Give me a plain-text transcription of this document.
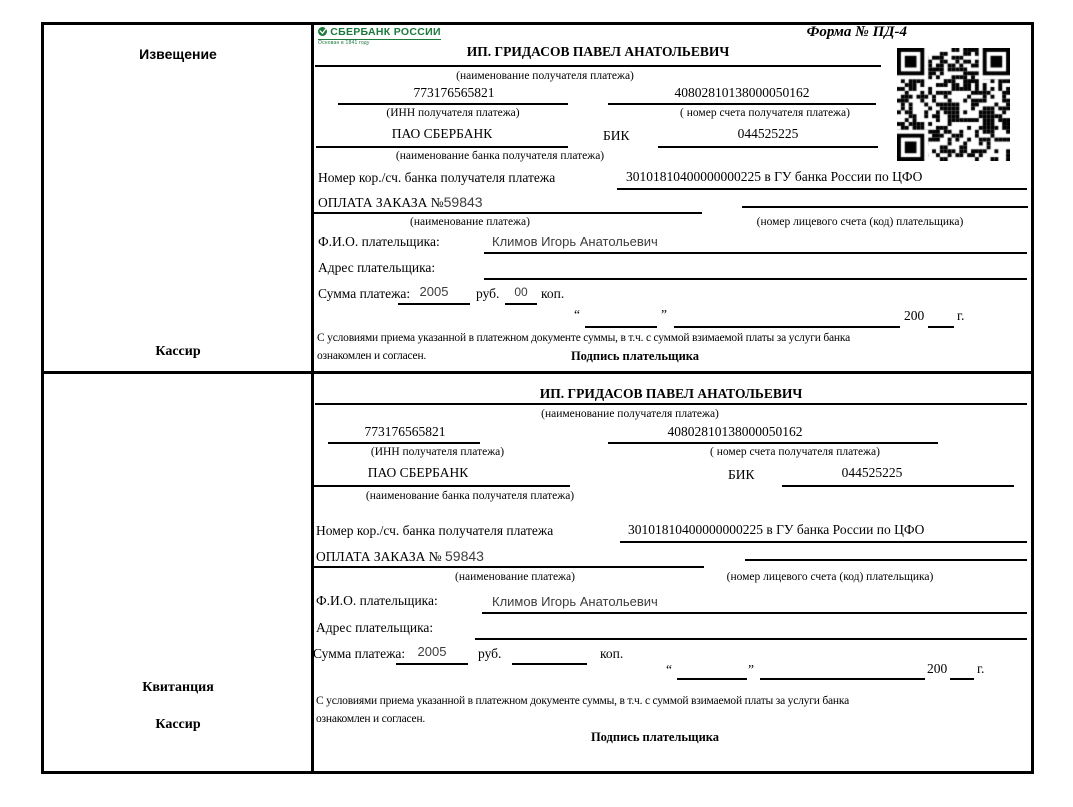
Извещение
Кассир
Квитанция
Кассир
СБЕРБАНК РОССИИ
Основан в 1841 году
Форма № ПД-4
ИП. ГРИДАСОВ ПАВЕЛ АНАТОЛЬЕВИЧ
(наименование получателя платежа)
773176565821	40802810138000050162
(ИНН получателя платежа)	( номер счета получателя платежа)
ПАО СБЕРБАНК	БИК	044525225
(наименование банка получателя платежа)
Номер кор./сч. банка получателя платежа	30101810400000000225 в ГУ банка России по ЦФО
ОПЛАТА ЗАКАЗА №59843
(наименование платежа)	(номер лицевого счета (код) плательщика)
Ф.И.О. плательщика:	Климов Игорь Анатольевич
Адрес плательщика:
Сумма платежа: 2005	руб.	00 коп.
“	”	200 г.
С условиями приема указанной в платежном документе суммы, в т.ч. с суммой взимаемой платы за услуги банка
ознакомлен и согласен.	Подпись плательщика
ИП. ГРИДАСОВ ПАВЕЛ АНАТОЛЬЕВИЧ
(наименование получателя платежа)
773176565821	40802810138000050162
(ИНН получателя платежа)	( номер счета получателя платежа)
ПАО СБЕРБАНК	БИК	044525225
(наименование банка получателя платежа)
Номер кор./сч. банка получателя платежа	30101810400000000225 в ГУ банка России по ЦФО
ОПЛАТА ЗАКАЗА № 59843
(наименование платежа)	(номер лицевого счета (код) плательщика)
Ф.И.О. плательщика:	Климов Игорь Анатольевич
Адрес плательщика:
Сумма платежа: 2005	руб.	коп.
“	”	200 г.
С условиями приема указанной в платежном документе суммы, в т.ч. с суммой взимаемой платы за услуги банка
ознакомлен и согласен.
Подпись плательщика
